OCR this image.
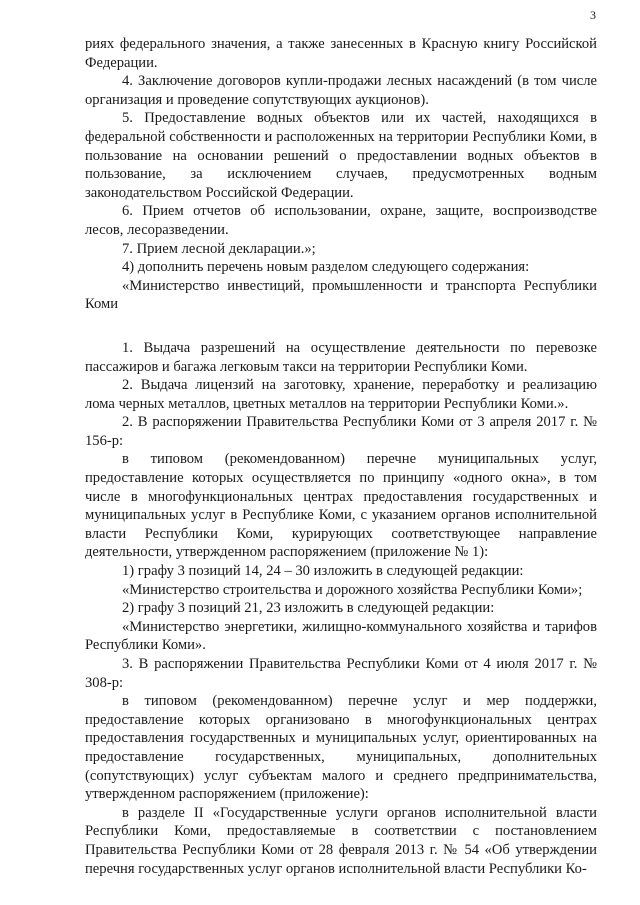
3

риях федерального значения, а также занесенных в Красную книгу Российской Федерации.

4. Заключение договоров купли-продажи лесных насаждений (в том числе организация и проведение сопутствующих аукционов).

5. Предоставление водных объектов или их частей, находящихся в федеральной собственности и расположенных на территории Республики Коми, в пользование на основании решений о предоставлении водных объектов в пользование, за исключением случаев, предусмотренных водным законодательством Российской Федерации.

6. Прием отчетов об использовании, охране, защите, воспроизводстве лесов, лесоразведении.

7. Прием лесной декларации.»;

4) дополнить перечень новым разделом следующего содержания:

«Министерство инвестиций, промышленности и транспорта Республики Коми

1. Выдача разрешений на осуществление деятельности по перевозке пассажиров и багажа легковым такси на территории Республики Коми.

2. Выдача лицензий на заготовку, хранение, переработку и реализацию лома черных металлов, цветных металлов на территории Республики Коми.».

2. В распоряжении Правительства Республики Коми от 3 апреля 2017 г. № 156-р:

в типовом (рекомендованном) перечне муниципальных услуг, предоставление которых осуществляется по принципу «одного окна», в том числе в многофункциональных центрах предоставления государственных и муниципальных услуг в Республике Коми, с указанием органов исполнительной власти Республики Коми, курирующих соответствующее направление деятельности, утвержденном распоряжением (приложение № 1):

1) графу 3 позиций 14, 24 – 30 изложить в следующей редакции:

«Министерство строительства и дорожного хозяйства Республики Коми»;

2) графу 3 позиций 21, 23 изложить в следующей редакции:

«Министерство энергетики, жилищно-коммунального хозяйства и тарифов Республики Коми».

3. В распоряжении Правительства Республики Коми от 4 июля 2017 г. № 308-р:

в типовом (рекомендованном) перечне услуг и мер поддержки, предоставление которых организовано в многофункциональных центрах предоставления государственных и муниципальных услуг, ориентированных на предоставление государственных, муниципальных, дополнительных (сопутствующих) услуг субъектам малого и среднего предпринимательства, утвержденном распоряжением (приложение):

в разделе II «Государственные услуги органов исполнительной власти Республики Коми, предоставляемые в соответствии с постановлением Правительства Республики Коми от 28 февраля 2013 г. № 54 «Об утверждении перечня государственных услуг органов исполнительной власти Республики Ко-
